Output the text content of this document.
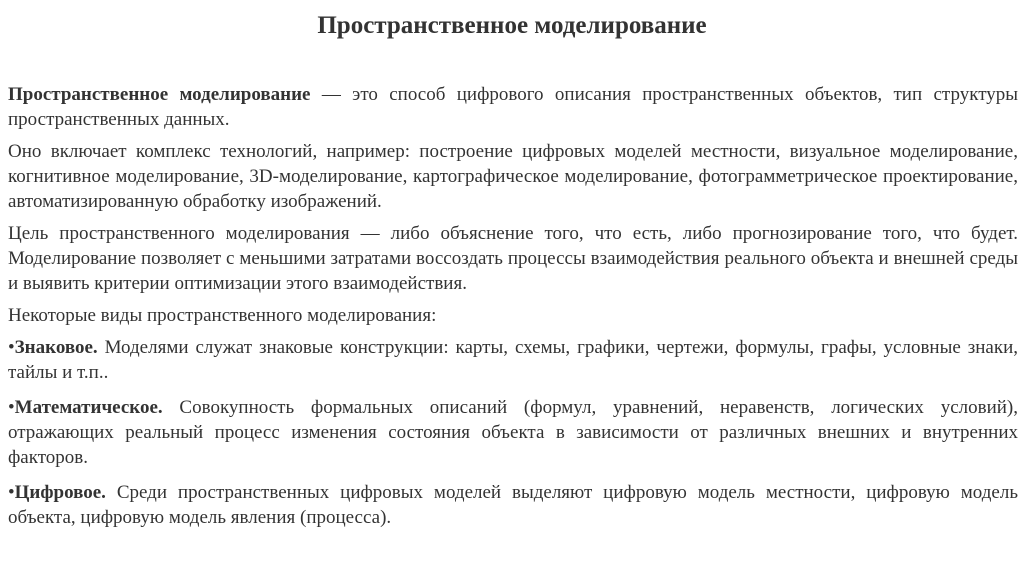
Пространственное моделирование

Пространственное моделирование — это способ цифрового описания пространственных объектов, тип структуры пространственных данных.

Оно включает комплекс технологий, например: построение цифровых моделей местности, визуальное моделирование, когнитивное моделирование, 3D-моделирование, картографическое моделирование, фотограмметрическое проектирование, автоматизированную обработку изображений.

Цель пространственного моделирования — либо объяснение того, что есть, либо прогнозирование того, что будет. Моделирование позволяет с меньшими затратами воссоздать процессы взаимодействия реального объекта и внешней среды и выявить критерии оптимизации этого взаимодействия.

Некоторые виды пространственного моделирования:

•Знаковое. Моделями служат знаковые конструкции: карты, схемы, графики, чертежи, формулы, графы, условные знаки, тайлы и т.п..

•Математическое. Совокупность формальных описаний (формул, уравнений, неравенств, логических условий), отражающих реальный процесс изменения состояния объекта в зависимости от различных внешних и внутренних факторов.

•Цифровое. Среди пространственных цифровых моделей выделяют цифровую модель местности, цифровую модель объекта, цифровую модель явления (процесса).
